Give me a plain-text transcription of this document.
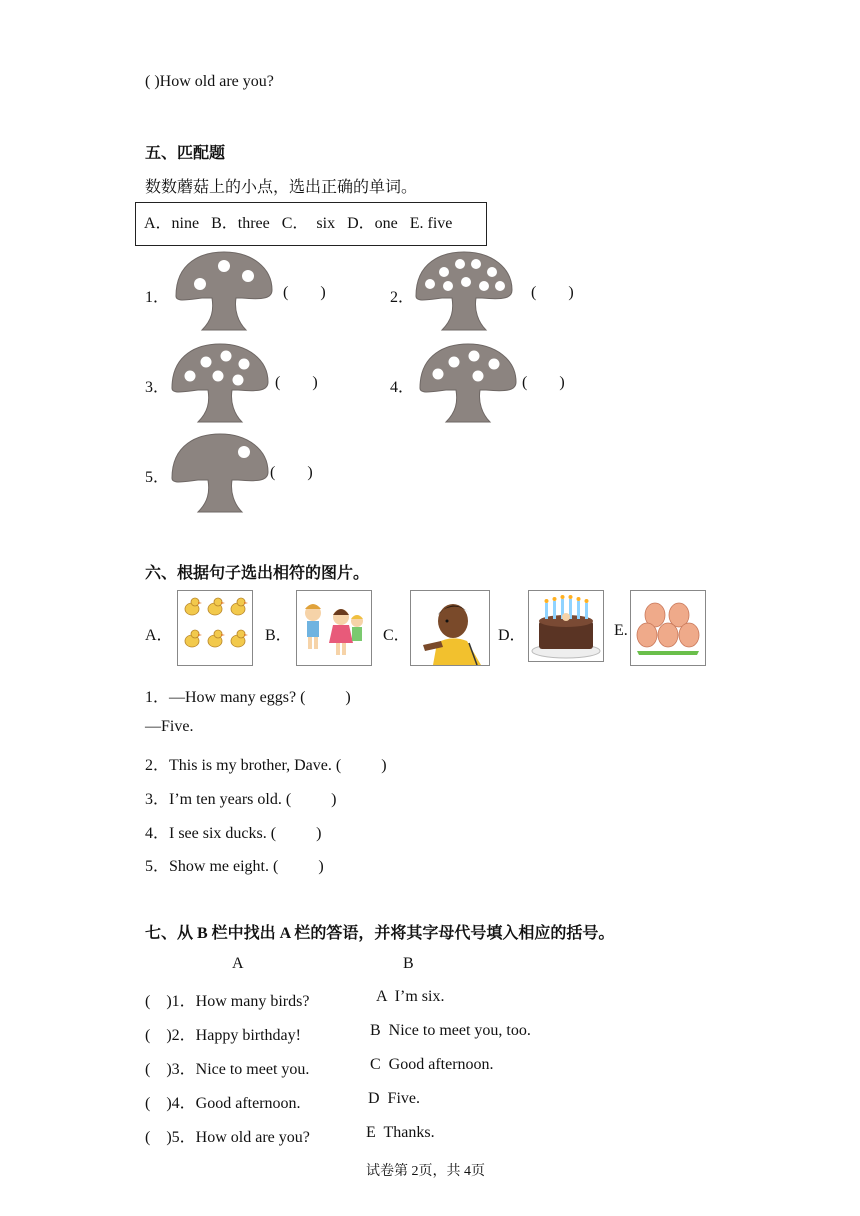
( )How old are you?
五、匹配题
数数蘑菇上的小点，选出正确的单词。
A．nine   B．three   C．  six   D．one   E. five
1．	(        )	2．	(        )
3．	(        )	4．	(        )
5．	(        )
六、根据句子选出相符的图片。
A．	B．	C．	D．	E.
1．—How many eggs? (          )
—Five.
2．This is my brother, Dave. (          )
3．I’m ten years old. (          )
4．I see six ducks. (          )
5．Show me eight. (          )
七、从 B 栏中找出 A 栏的答语，并将其字母代号填入相应的括号。
A	B
(    )1．How many birds?	A  I’m six.
(    )2．Happy birthday!	B  Nice to meet you, too.
(    )3．Nice to meet you.	C  Good afternoon.
(    )4．Good afternoon.	D  Five.
(    )5．How old are you?	E  Thanks.
试卷第 2页，共 4页
